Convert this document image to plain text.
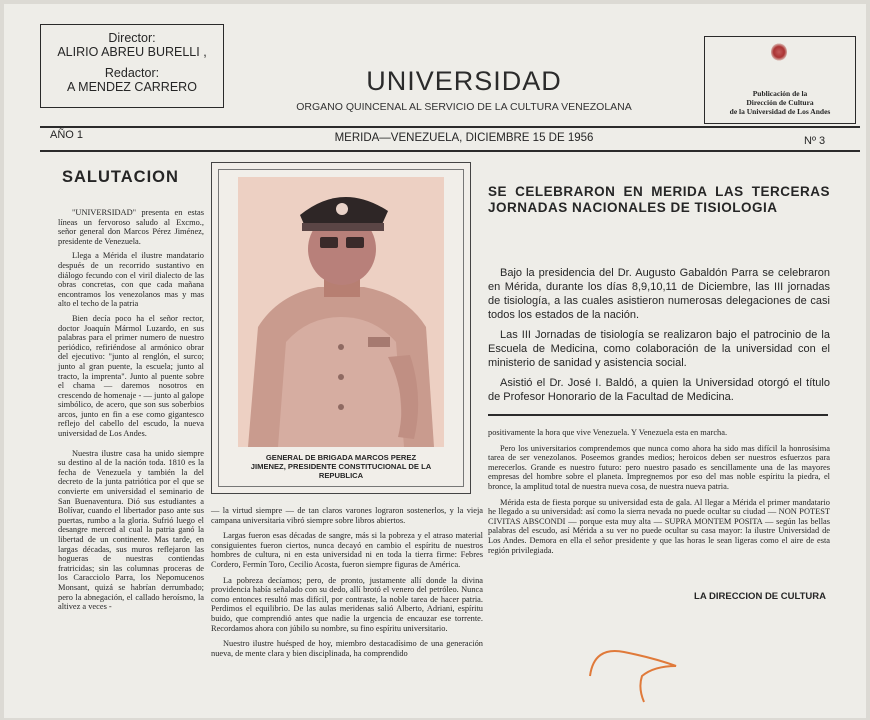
Director:
ALIRIO ABREU BURELLI ,
Redactor:
A MENDEZ CARRERO	UNIVERSIDAD
ORGANO QUINCENAL AL SERVICIO DE LA CULTURA VENEZOLANA
Publicación de la
Dirección de Cultura
de la Universidad de Los Andes
AÑO 1	MERIDA—VENEZUELA, DICIEMBRE 15 DE 1956	Nº 3
SALUTACION

"UNIVERSIDAD" presenta en estas líneas un fervoroso saludo al Excmo., señor general don Marcos Pérez Jiménez, presidente de Venezuela.

Llega a Mérida el ilustre mandatario después de un recorrido sustantivo en diálogo fecundo con el viril dialecto de las obras concretas, con que cada mañana encontramos los venezolanos mas y mas alto el techo de la patria

Bien decía poco ha el señor rector, doctor Joaquín Mármol Luzardo, en sus palabras para el primer numero de nuestro periódico, refiriéndose al armónico obrar del ejecutivo: "junto al renglón, el surco; junto al gran puente, la escuela; junto al tracto, la imprenta". Junto al puente sobre el chama — daremos nosotros en crescendo de homenaje - — junto al galope simbólico, de acero, que son sus soberbios arcos, junto en fin a ese como gigantesco reflejo del cabello del escudo, la nueva universidad de Los Andes.

Nuestra ilustre casa ha unido siempre su destino al de la nación toda. 1810 es la fecha de Venezuela y también la del decreto de la junta patriótica por el que se convierte em universidad el seminario de San Buenaventura. Dió sus estudiantes a Bolívar, cuando el libertador paso ante sus puertas, rumbo a la gloria. Sufrió luego el desangre merced al cual la patria ganó la libertad de un continente. Mas tarde, en largas décadas, sus muros reflejaron las hogueras de nuestras contiendas fratricidas; sin las columnas proceras de los Caracciolo Parra, los Nepomucenos Monsant, quizá se habrían derrumbado; pero la abnegación, el callado heroísmo, la altivez a veces -

GENERAL DE BRIGADA MARCOS PEREZ JIMENEZ, PRESIDENTE CONSTITUCIONAL DE LA REPUBLICA

— la virtud siempre — de tan claros varones lograron sostenerlos, y la vieja campana universitaria vibró siempre sobre libros abiertos.

Largas fueron esas décadas de sangre, más si la pobreza y el atraso material consiguientes fueron ciertos, nunca decayó en cambio el espíritu de nuestros hombres de cultura, ni en esta universidad ni en toda la tierra firme: Febres Cordero, Fermín Toro, Cecilio Acosta, fueron siempre figuras de América.

La pobreza decíamos; pero, de pronto, justamente allí donde la divina providencia había señalado con su dedo, allí brotó el venero del petróleo. Nunca como entonces resultó mas difícil, por contraste, la noble tarea de hacer patria. Perdimos el equilibrio. De las aulas meridenas salió Alberto, Adriani, espíritu buido, que comprendió antes que nadie la urgencia de encauzar ese torrente. Recordamos ahora con júbilo su nombre, su fino espíritu universitario.

Nuestro ilustre huésped de hoy, miembro destacadísimo de una generación nueva, de mente clara y bien disciplinada, ha comprendido

SE CELEBRARON EN MERIDA LAS TERCERAS JORNADAS NACIONALES DE TISIOLOGIA

Bajo la presidencia del Dr. Augusto Gabaldón Parra se celebraron en Mérida, durante los días 8,9,10,11 de Diciembre, las III jornadas de tisiología, a las cuales asistieron numerosas delegaciones de casi todos los estados de la nación.

Las III Jornadas de tisiología se realizaron bajo el patrocinio de la Escuela de Medicina, como colaboración de la universidad con el ministerio de sanidad y asistencia social.

Asistió el Dr. José I. Baldó, a quien la Universidad otorgó el título de Profesor Honorario de la Facultad de Medicina.

positivamente la hora que vive Venezuela. Y Venezuela esta en marcha.

Pero los universitarios comprendemos que nunca como ahora ha sido mas difícil la honrosísima tarea de ser venezolanos. Poseemos grandes medios; heroicos deben ser nuestros esfuerzos para merecerlos. Grande es nuestro futuro: pero nuestro pasado es sencillamente una de las mayores empresas del hombre sobre el planeta. Impregnemos por eso del mas noble espíritu la piedra, el bronce, la amplitud total de nuestra nueva cosa, de nuestra nueva patria.

Mérida esta de fiesta porque su universidad esta de gala. Al llegar a Mérida el primer mandatario he llegado a su universidad: así como la sierra nevada no puede ocultar su ciudad — NON POTEST CIVITAS ABSCONDI — porque esta muy alta — SUPRA MONTEM POSITA — según las bellas palabras del escudo, así Mérida a su ver no puede ocultar su casa mayor: la ilustre Universidad de Los Andes. Demora en ella el señor presidente y que las horas le sean ligeras como el aire de esta región privilegiada.

LA DIRECCION DE CULTURA
